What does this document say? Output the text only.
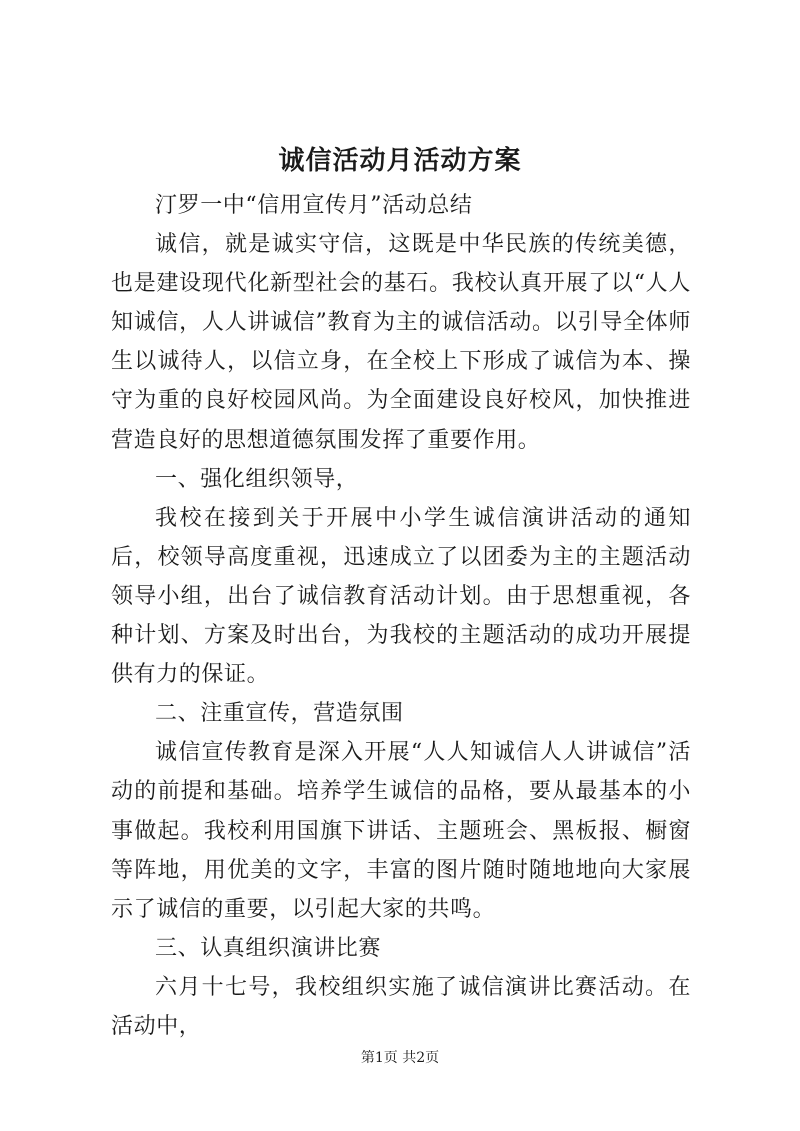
诚信活动月活动方案

汀罗一中“信用宣传月”活动总结

诚信，就是诚实守信，这既是中华民族的传统美德，也是建设现代化新型社会的基石。我校认真开展了以“人人知诚信，人人讲诚信”教育为主的诚信活动。以引导全体师生以诚待人，以信立身，在全校上下形成了诚信为本、操守为重的良好校园风尚。为全面建设良好校风，加快推进营造良好的思想道德氛围发挥了重要作用。

一、强化组织领导，

我校在接到关于开展中小学生诚信演讲活动的通知后，校领导高度重视，迅速成立了以团委为主的主题活动领导小组，出台了诚信教育活动计划。由于思想重视，各种计划、方案及时出台，为我校的主题活动的成功开展提供有力的保证。

二、注重宣传，营造氛围

诚信宣传教育是深入开展“人人知诚信人人讲诚信”活动的前提和基础。培养学生诚信的品格，要从最基本的小事做起。我校利用国旗下讲话、主题班会、黑板报、橱窗等阵地，用优美的文字，丰富的图片随时随地地向大家展示了诚信的重要，以引起大家的共鸣。

三、认真组织演讲比赛

六月十七号，我校组织实施了诚信演讲比赛活动。在活动中，

第1页 共2页
